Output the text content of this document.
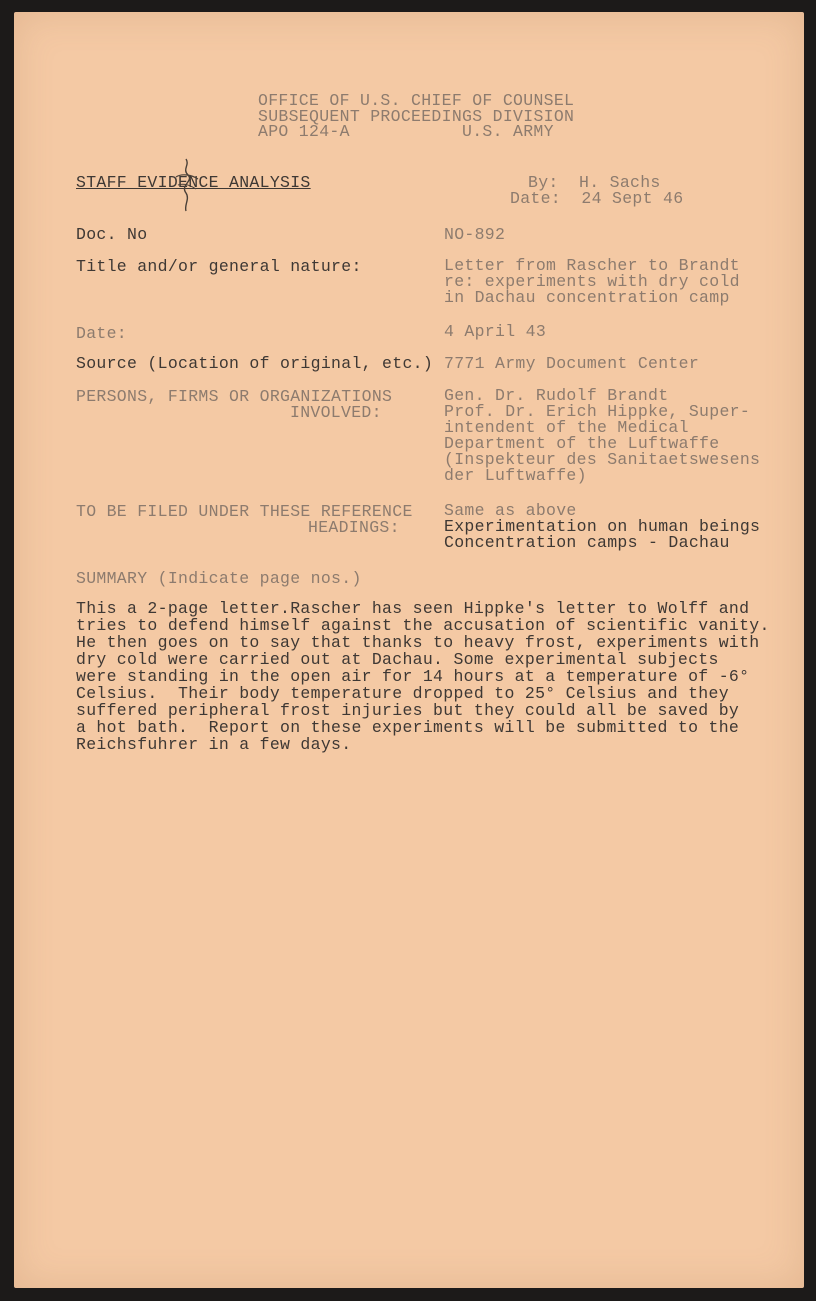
OFFICE OF U.S. CHIEF OF COUNSEL
SUBSEQUENT PROCEEDINGS DIVISION
APO 124-A	U.S. ARMY
STAFF EVIDENCE ANALYSIS	By:  H. Sachs
Date:  24 Sept 46
Doc. No	NO-892
Title and/or general nature:	Letter from Rascher to Brandt
re: experiments with dry cold
in Dachau concentration camp
Date:	4 April 43
Source (Location of original, etc.) 7771 Army Document Center
PERSONS, FIRMS OR ORGANIZATIONS
INVOLVED:
Gen. Dr. Rudolf Brandt
Prof. Dr. Erich Hippke, Super-
intendent of the Medical
Department of the Luftwaffe
(Inspekteur des Sanitaetswesens
der Luftwaffe)
TO BE FILED UNDER THESE REFERENCE
HEADINGS:
Same as above
Experimentation on human beings
Concentration camps - Dachau
SUMMARY (Indicate page nos.)
This a 2-page letter.Rascher has seen Hippke's letter to Wolff and
tries to defend himself against the accusation of scientific vanity.
He then goes on to say that thanks to heavy frost, experiments with
dry cold were carried out at Dachau. Some experimental subjects
were standing in the open air for 14 hours at a temperature of -6°
Celsius.  Their body temperature dropped to 25° Celsius and they
suffered peripheral frost injuries but they could all be saved by
a hot bath.  Report on these experiments will be submitted to the
Reichsfuhrer in a few days.
